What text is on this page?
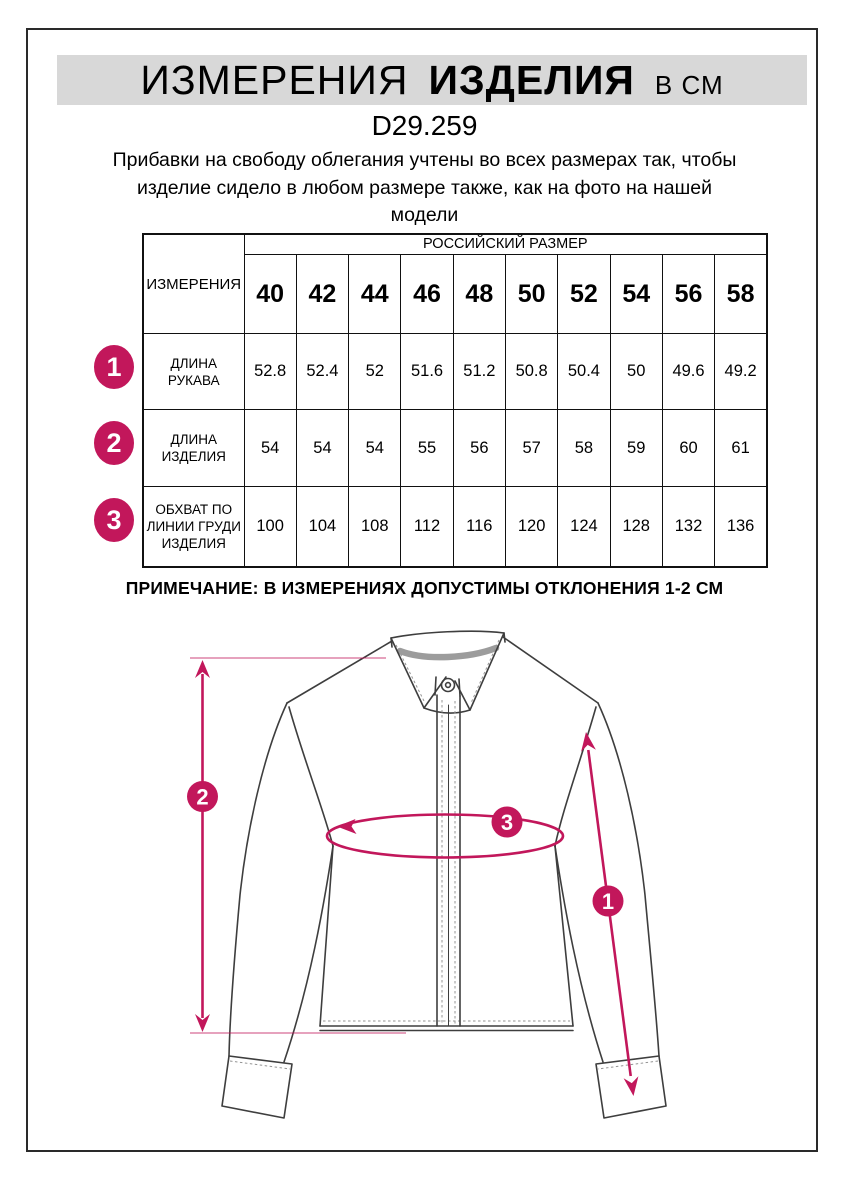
ИЗМЕРЕНИЯ ИЗДЕЛИЯ В СМ
D29.259
Прибавки на свободу облегания учтены во всех размерах так, чтобы
изделие сидело в любом размере также, как на фото на нашей
модели
ИЗМЕРЕНИЯ	РОССИЙСКИЙ РАЗМЕР									
	40	42	44	46	48	50	52	54	56	58
ДЛИНА РУКАВА	52.8	52.4	52	51.6	51.2	50.8	50.4	50	49.6	49.2
ДЛИНА ИЗДЕЛИЯ	54	54	54	55	56	57	58	59	60	61
ОБХВАТ ПО ЛИНИИ ГРУДИ ИЗДЕЛИЯ	100	104	108	112	116	120	124	128	132	136
1
2
3
ПРИМЕЧАНИЕ: В ИЗМЕРЕНИЯХ ДОПУСТИМЫ ОТКЛОНЕНИЯ 1-2 СМ
2
3
1
